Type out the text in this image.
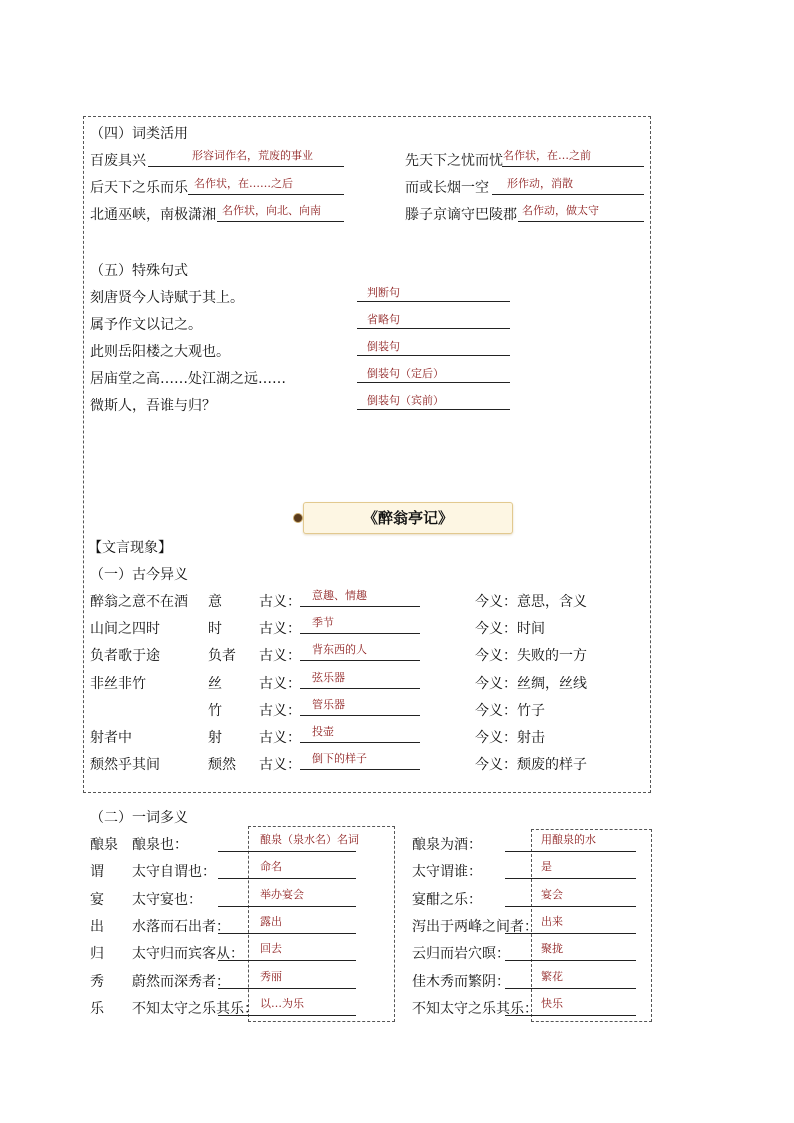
（四）词类活用
百废具兴	形容词作名，荒废的事业
后天下之乐而乐 名作状，在……之后
北通巫峡，南极潇湘 名作状，向北、向南
先天下之忧而忧 名作状，在…之前
而或长烟一空 形作动，消散
滕子京谪守巴陵郡 名作动，做太守
（五）特殊句式
刻唐贤今人诗赋于其上。	判断句
属予作文以记之。	省略句
此则岳阳楼之大观也。	倒装句
居庙堂之高……处江湖之远……	倒装句（定后）
微斯人，吾谁与归？	倒装句（宾前）
《醉翁亭记》
【文言现象】
（一）古今异义
醉翁之意不在酒 意	古义： 意趣、情趣	今义： 意思，含义
山间之四时	时	古义： 季节	今义： 时间
负者歌于途	负者 古义： 背东西的人	今义： 失败的一方
非丝非竹	丝	古义： 弦乐器	今义： 丝绸，丝线
竹	古义： 管乐器	今义： 竹子
射者中	射	古义： 投壶	今义： 射击
颓然乎其间	颓然 古义： 倒下的样子	今义： 颓废的样子
（二）一词多义
酿泉 酿泉也：	酿泉（泉水名）名词	酿泉为酒：	用酿泉的水
谓 太守自谓也：	命名	太守谓谁：	是
宴 太守宴也：	举办宴会	宴酣之乐：	宴会
出 水落而石出者：	露出	泻出于两峰之间者： 出来
归 太守归而宾客从： 回去	云归而岩穴暝：	聚拢
秀 蔚然而深秀者：	秀丽	佳木秀而繁阴：	繁花
乐 不知太守之乐其乐： 以…为乐	不知太守之乐其乐： 快乐
